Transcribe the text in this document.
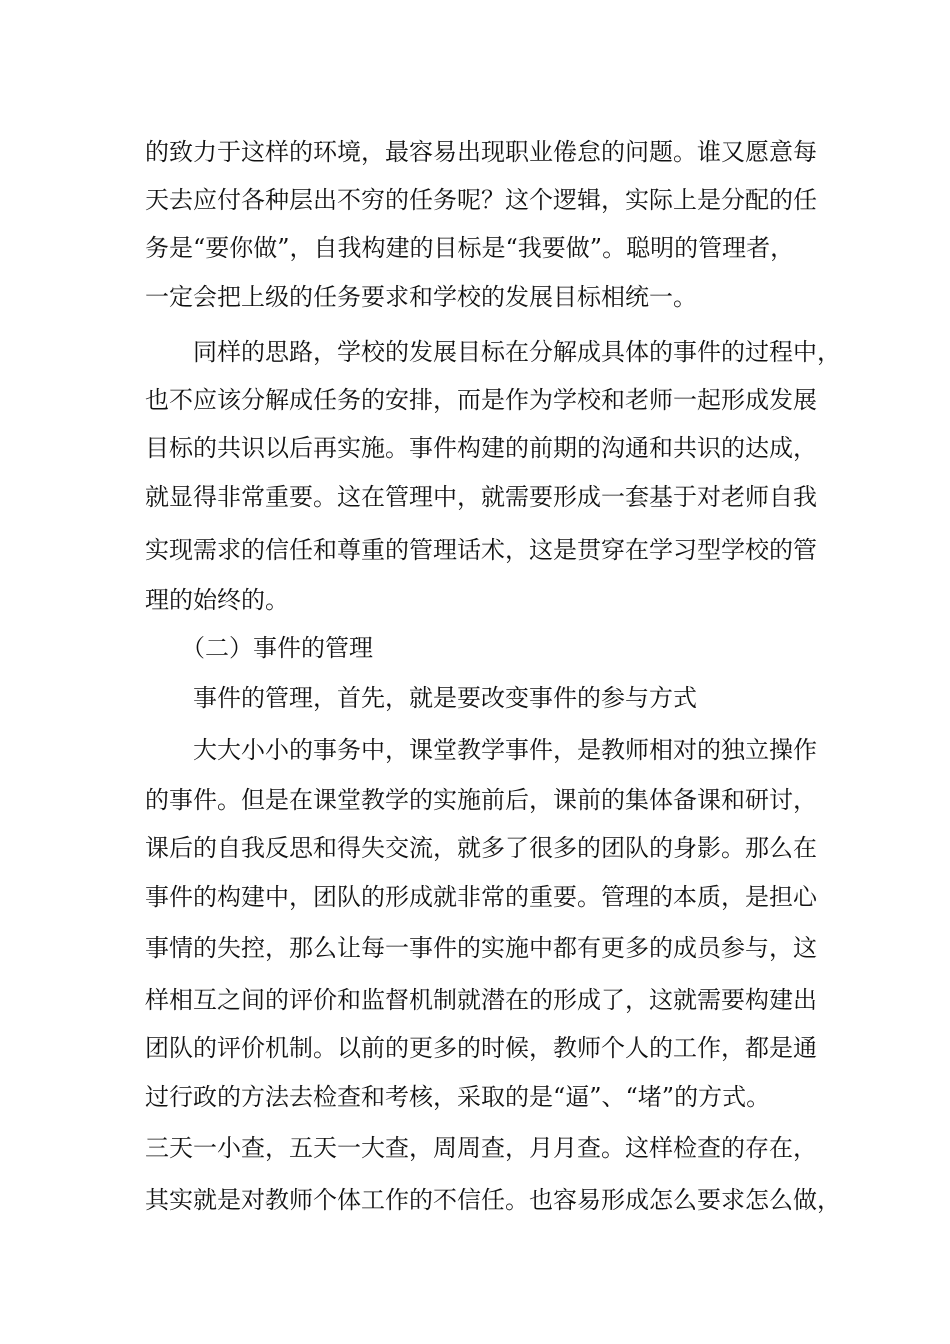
的致力于这样的环境，最容易出现职业倦怠的问题。谁又愿意每
天去应付各种层出不穷的任务呢？这个逻辑，实际上是分配的任
务是“要你做”，自我构建的目标是“我要做”。聪明的管理者，
一定会把上级的任务要求和学校的发展目标相统一。
　　同样的思路，学校的发展目标在分解成具体的事件的过程中，
也不应该分解成任务的安排，而是作为学校和老师一起形成发展
目标的共识以后再实施。事件构建的前期的沟通和共识的达成，
就显得非常重要。这在管理中，就需要形成一套基于对老师自我
实现需求的信任和尊重的管理话术，这是贯穿在学习型学校的管
理的始终的。
　　（二）事件的管理
　　事件的管理，首先，就是要改变事件的参与方式
　　大大小小的事务中，课堂教学事件，是教师相对的独立操作
的事件。但是在课堂教学的实施前后，课前的集体备课和研讨，
课后的自我反思和得失交流，就多了很多的团队的身影。那么在
事件的构建中，团队的形成就非常的重要。管理的本质，是担心
事情的失控，那么让每一事件的实施中都有更多的成员参与，这
样相互之间的评价和监督机制就潜在的形成了，这就需要构建出
团队的评价机制。以前的更多的时候，教师个人的工作，都是通
过行政的方法去检查和考核，采取的是“逼”、“堵”的方式。
三天一小查，五天一大查，周周查，月月查。这样检查的存在，
其实就是对教师个体工作的不信任。也容易形成怎么要求怎么做，
